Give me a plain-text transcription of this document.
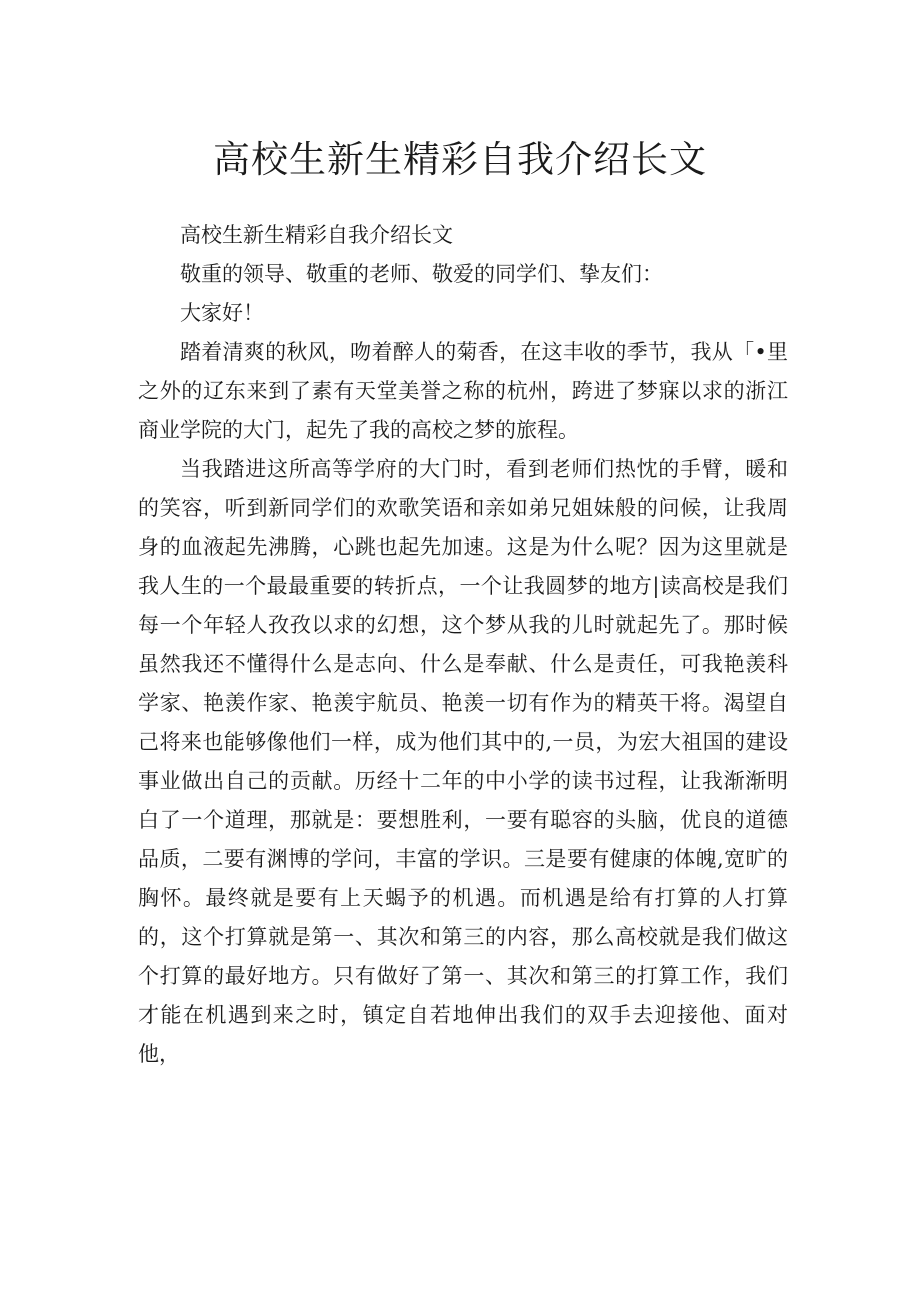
高校生新生精彩自我介绍长文

高校生新生精彩自我介绍长文

敬重的领导、敬重的老师、敬爱的同学们、挚友们：

大家好！

踏着清爽的秋风，吻着醉人的菊香，在这丰收的季节，我从「•里之外的辽东来到了素有天堂美誉之称的杭州，跨进了梦寐以求的浙江商业学院的大门，起先了我的高校之梦的旅程。

当我踏进这所高等学府的大门时，看到老师们热忱的手臂，暖和的笑容，听到新同学们的欢歌笑语和亲如弟兄姐妹般的问候，让我周身的血液起先沸腾，心跳也起先加速。这是为什么呢？因为这里就是我人生的一个最最重要的转折点，一个让我圆梦的地方|读高校是我们每一个年轻人孜孜以求的幻想，这个梦从我的儿时就起先了。那时候虽然我还不懂得什么是志向、什么是奉献、什么是责任，可我艳羡科学家、艳羡作家、艳羡宇航员、艳羡一切有作为的精英干将。渴望自己将来也能够像他们一样，成为他们其中的,一员，为宏大祖国的建设事业做出自己的贡献。历经十二年的中小学的读书过程，让我渐渐明白了一个道理，那就是：要想胜利，一要有聪容的头脑，优良的道德品质，二要有渊博的学问，丰富的学识。三是要有健康的体魄,宽旷的胸怀。最终就是要有上天蝎予的机遇。而机遇是给有打算的人打算的，这个打算就是第一、其次和第三的内容，那么高校就是我们做这个打算的最好地方。只有做好了第一、其次和第三的打算工作，我们才能在机遇到来之时，镇定自若地伸出我们的双手去迎接他、面对他，
